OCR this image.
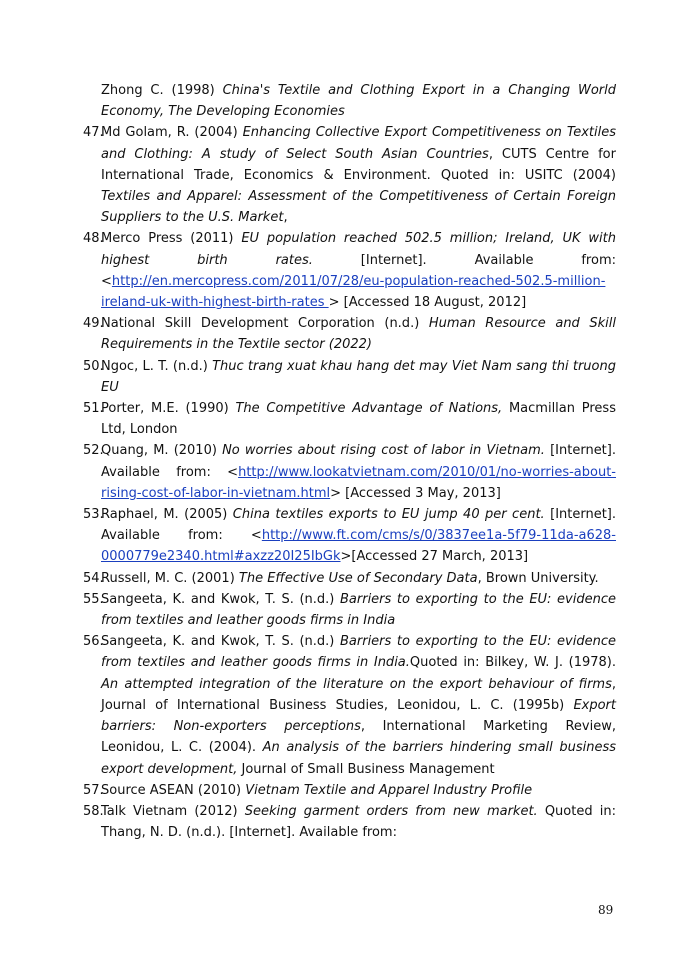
Zhong C. (1998) China's Textile and Clothing Export in a Changing World Economy, The Developing Economies

47.
Md Golam, R. (2004) Enhancing Collective Export Competitiveness on Textiles and Clothing: A study of Select South Asian Countries, CUTS Centre for International Trade, Economics & Environment. Quoted in: USITC (2004) Textiles and Apparel: Assessment of the Competitiveness of Certain Foreign Suppliers to the U.S. Market,

48.
Merco Press (2011) EU population reached 502.5 million; Ireland, UK with highest birth rates. [Internet]. Available from: <http://en.mercopress.com/2011/07/28/eu-population-reached-502.5-million-ireland-uk-with-highest-birth-rates > [Accessed 18 August, 2012]

49.
National Skill Development Corporation (n.d.) Human Resource and Skill Requirements in the Textile sector (2022)

50.
Ngoc, L. T. (n.d.) Thuc trang xuat khau hang det may Viet Nam sang thi truong EU

51.
Porter, M.E. (1990) The Competitive Advantage of Nations, Macmillan Press Ltd, London

52.
Quang, M. (2010) No worries about rising cost of labor in Vietnam. [Internet]. Available from: <http://www.lookatvietnam.com/2010/01/no-worries-about-rising-cost-of-labor-in-vietnam.html> [Accessed 3 May, 2013]

53.
Raphael, M. (2005) China textiles exports to EU jump 40 per cent. [Internet]. Available from: <http://www.ft.com/cms/s/0/3837ee1a-5f79-11da-a628-0000779e2340.html#axzz20I25IbGk>[Accessed 27 March, 2013]

54.
Russell, M. C. (2001) The Effective Use of Secondary Data, Brown University.

55.
Sangeeta, K. and Kwok, T. S. (n.d.) Barriers to exporting to the EU: evidence from textiles and leather goods firms in India

56.
Sangeeta, K. and Kwok, T. S. (n.d.) Barriers to exporting to the EU: evidence from textiles and leather goods firms in India.Quoted in: Bilkey, W. J. (1978). An attempted integration of the literature on the export behaviour of firms, Journal of International Business Studies, Leonidou, L. C. (1995b) Export barriers: Non-exporters perceptions, International Marketing Review, Leonidou, L. C. (2004). An analysis of the barriers hindering small business export development, Journal of Small Business Management

57.
Source ASEAN (2010) Vietnam Textile and Apparel Industry Profile

58.
Talk Vietnam (2012) Seeking garment orders from new market. Quoted in: Thang, N. D. (n.d.). [Internet]. Available from:

89
